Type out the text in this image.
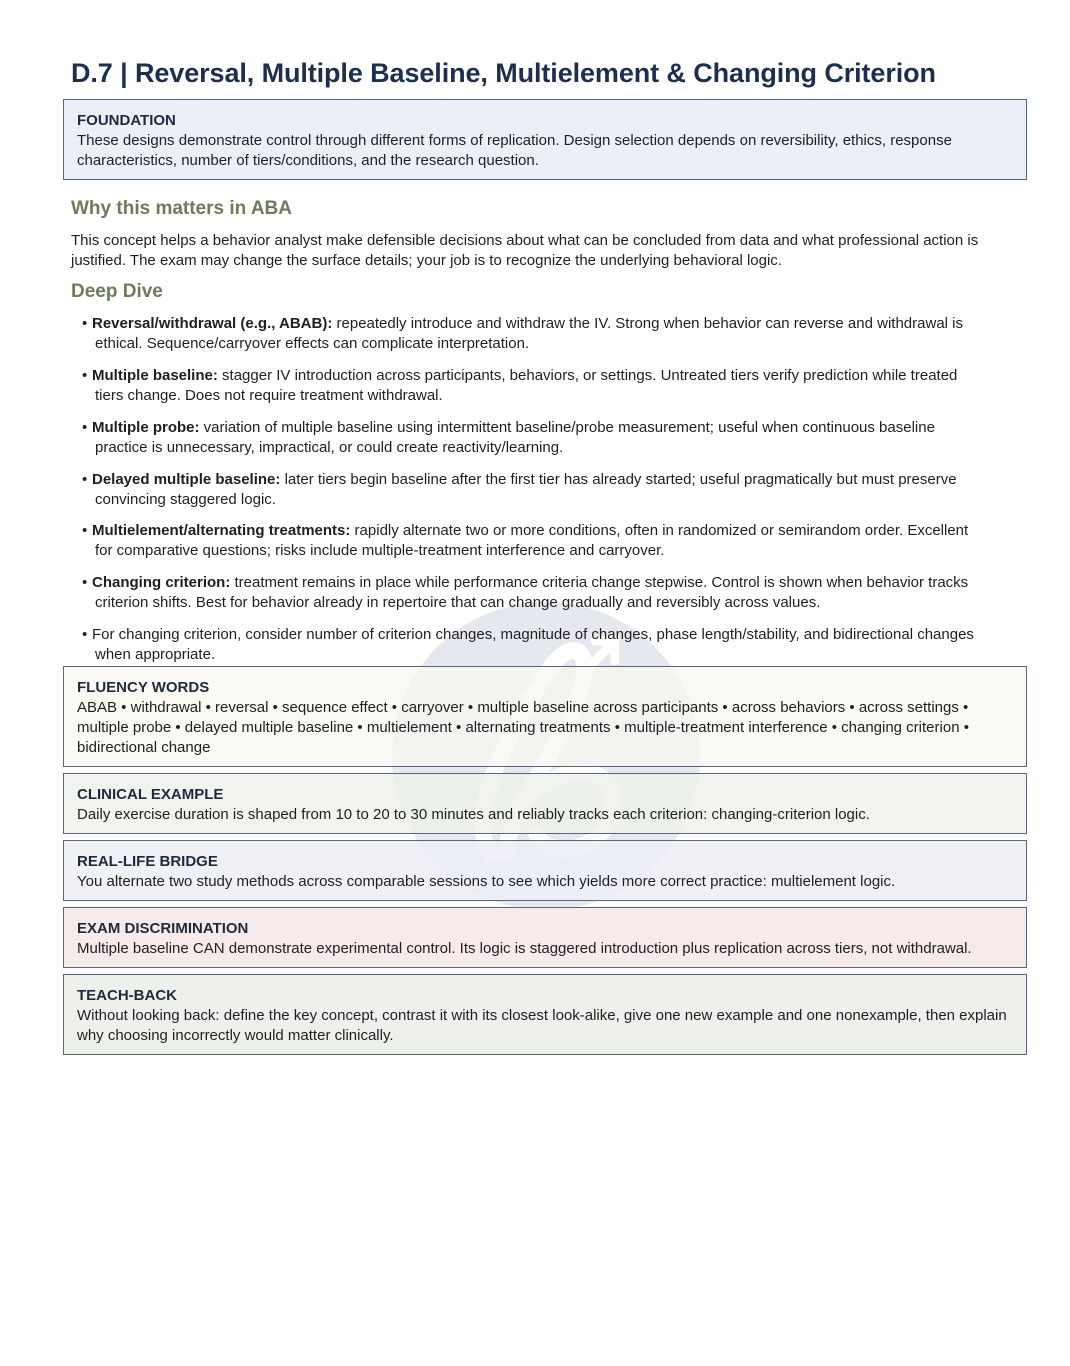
D.7 | Reversal, Multiple Baseline, Multielement & Changing Criterion
FOUNDATION
These designs demonstrate control through different forms of replication. Design selection depends on reversibility, ethics, response characteristics, number of tiers/conditions, and the research question.
Why this matters in ABA

This concept helps a behavior analyst make defensible decisions about what can be concluded from data and what professional action is justified. The exam may change the surface details; your job is to recognize the underlying behavioral logic.

Deep Dive
• Reversal/withdrawal (e.g., ABAB): repeatedly introduce and withdraw the IV. Strong when behavior can reverse and withdrawal is
ethical. Sequence/carryover effects can complicate interpretation.
• Multiple baseline: stagger IV introduction across participants, behaviors, or settings. Untreated tiers verify prediction while treated
tiers change. Does not require treatment withdrawal.
• Multiple probe: variation of multiple baseline using intermittent baseline/probe measurement; useful when continuous baseline
practice is unnecessary, impractical, or could create reactivity/learning.
• Delayed multiple baseline: later tiers begin baseline after the first tier has already started; useful pragmatically but must preserve
convincing staggered logic.
• Multielement/alternating treatments: rapidly alternate two or more conditions, often in randomized or semirandom order. Excellent
for comparative questions; risks include multiple-treatment interference and carryover.
• Changing criterion: treatment remains in place while performance criteria change stepwise. Control is shown when behavior tracks
criterion shifts. Best for behavior already in repertoire that can change gradually and reversibly across values.
• For changing criterion, consider number of criterion changes, magnitude of changes, phase length/stability, and bidirectional changes
when appropriate.
FLUENCY WORDS
ABAB • withdrawal • reversal • sequence effect • carryover • multiple baseline across participants • across behaviors • across settings • multiple probe • delayed multiple baseline • multielement • alternating treatments • multiple-treatment interference • changing criterion • bidirectional change
CLINICAL EXAMPLE
Daily exercise duration is shaped from 10 to 20 to 30 minutes and reliably tracks each criterion: changing-criterion logic.
REAL-LIFE BRIDGE
You alternate two study methods across comparable sessions to see which yields more correct practice: multielement logic.
EXAM DISCRIMINATION
Multiple baseline CAN demonstrate experimental control. Its logic is staggered introduction plus replication across tiers, not withdrawal.
TEACH-BACK
Without looking back: define the key concept, contrast it with its closest look-alike, give one new example and one nonexample, then explain why choosing incorrectly would matter clinically.
